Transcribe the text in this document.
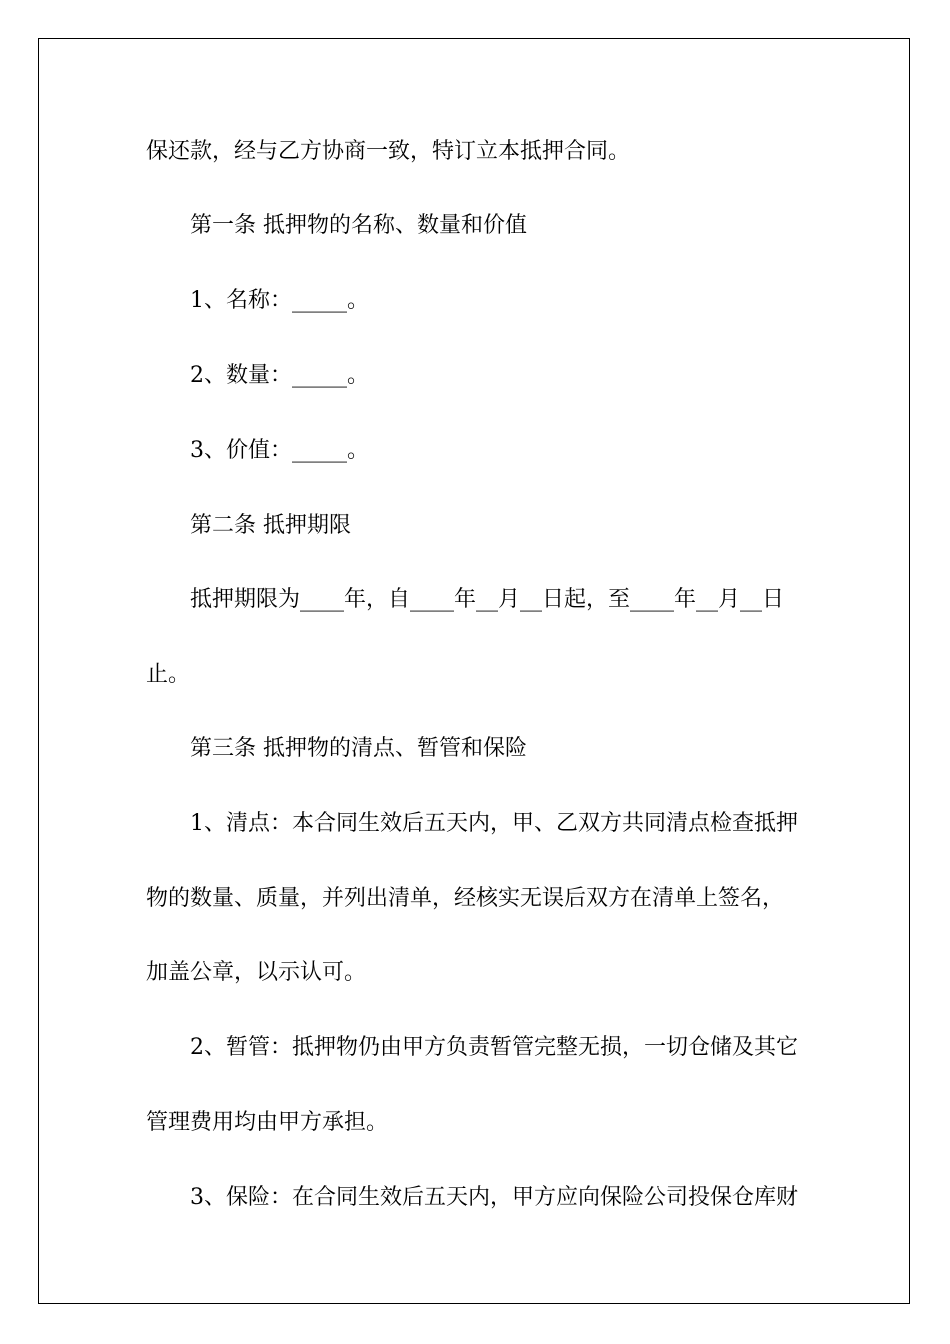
保还款，经与乙方协商一致，特订立本抵押合同。
第一条 抵押物的名称、数量和价值
1、名称：_____。
2、数量：_____。
3、价值：_____。
第二条 抵押期限
抵押期限为____年，自____年__月__日起，至____年__月__日
止。
第三条 抵押物的清点、暂管和保险
1、清点：本合同生效后五天内，甲、乙双方共同清点检查抵押
物的数量、质量，并列出清单，经核实无误后双方在清单上签名，
加盖公章，以示认可。
2、暂管：抵押物仍由甲方负责暂管完整无损，一切仓储及其它
管理费用均由甲方承担。
3、保险：在合同生效后五天内，甲方应向保险公司投保仓库财
